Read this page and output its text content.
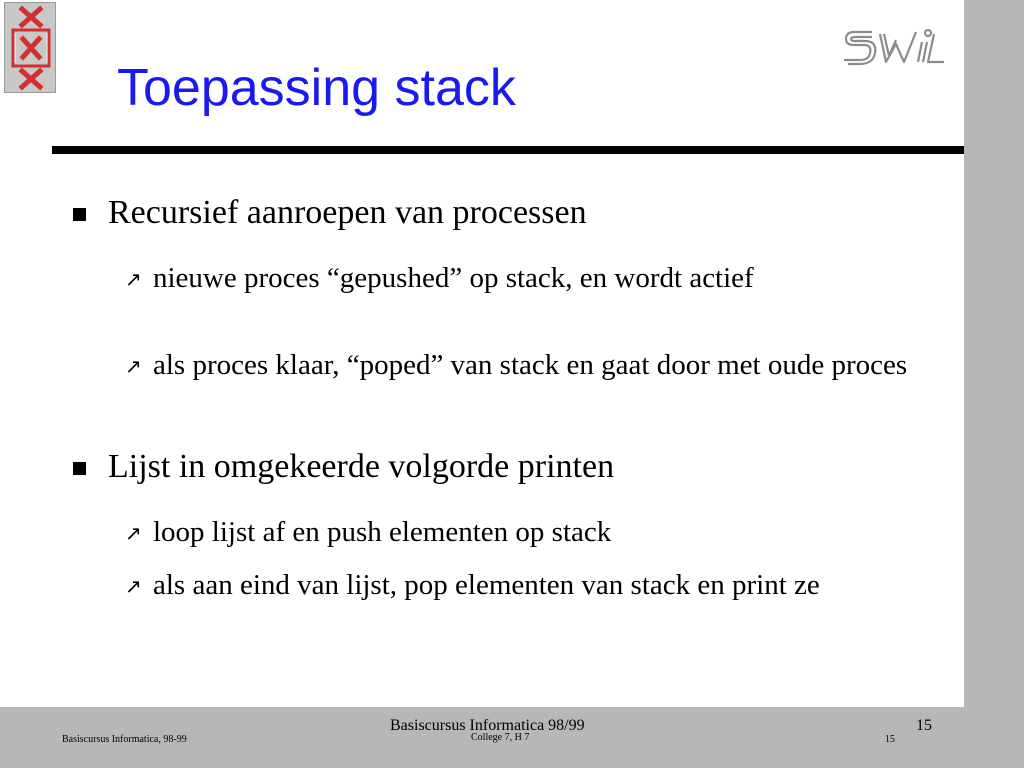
Toepassing stack
Recursief aanroepen van processen
↗ nieuwe proces “gepushed” op stack, en wordt actief
↗ als proces klaar, “poped” van stack en gaat door met oude proces
Lijst in omgekeerde volgorde printen
↗ loop lijst af en push elementen op stack
↗ als aan eind van lijst, pop elementen van stack en print ze
Basiscursus Informatica 98/99	15
Basiscursus Informatica, 98-99	College 7, H 7	15
